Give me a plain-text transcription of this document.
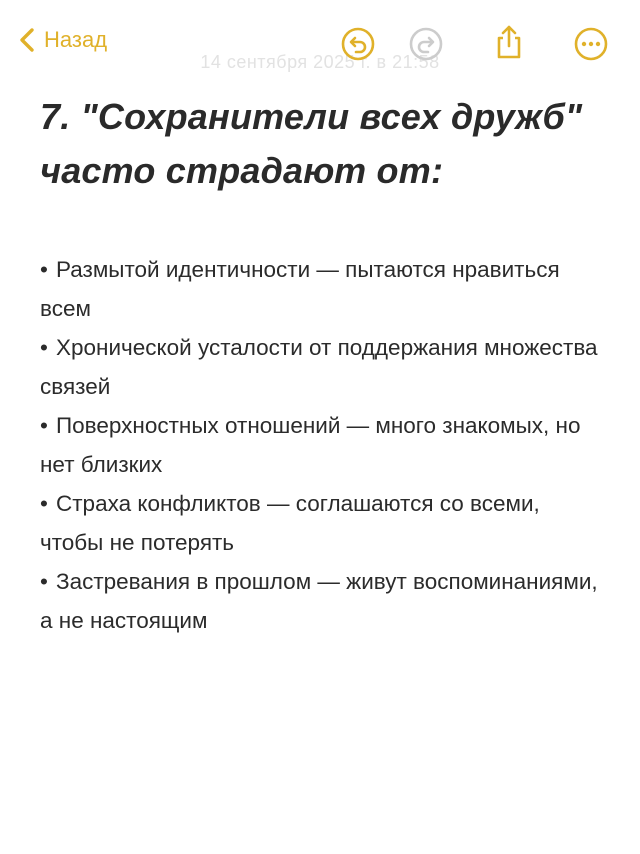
Назад
14 сентября 2025 г. в 21:58
7. "Сохранители всех дружб" часто страдают от:
• Размытой идентичности — пытаются нравиться всем
• Хронической усталости от поддержания множества связей
• Поверхностных отношений — много знакомых, но нет близких
• Страха конфликтов — соглашаются со всеми, чтобы не потерять
• Застревания в прошлом — живут воспоминаниями, а не настоящим
